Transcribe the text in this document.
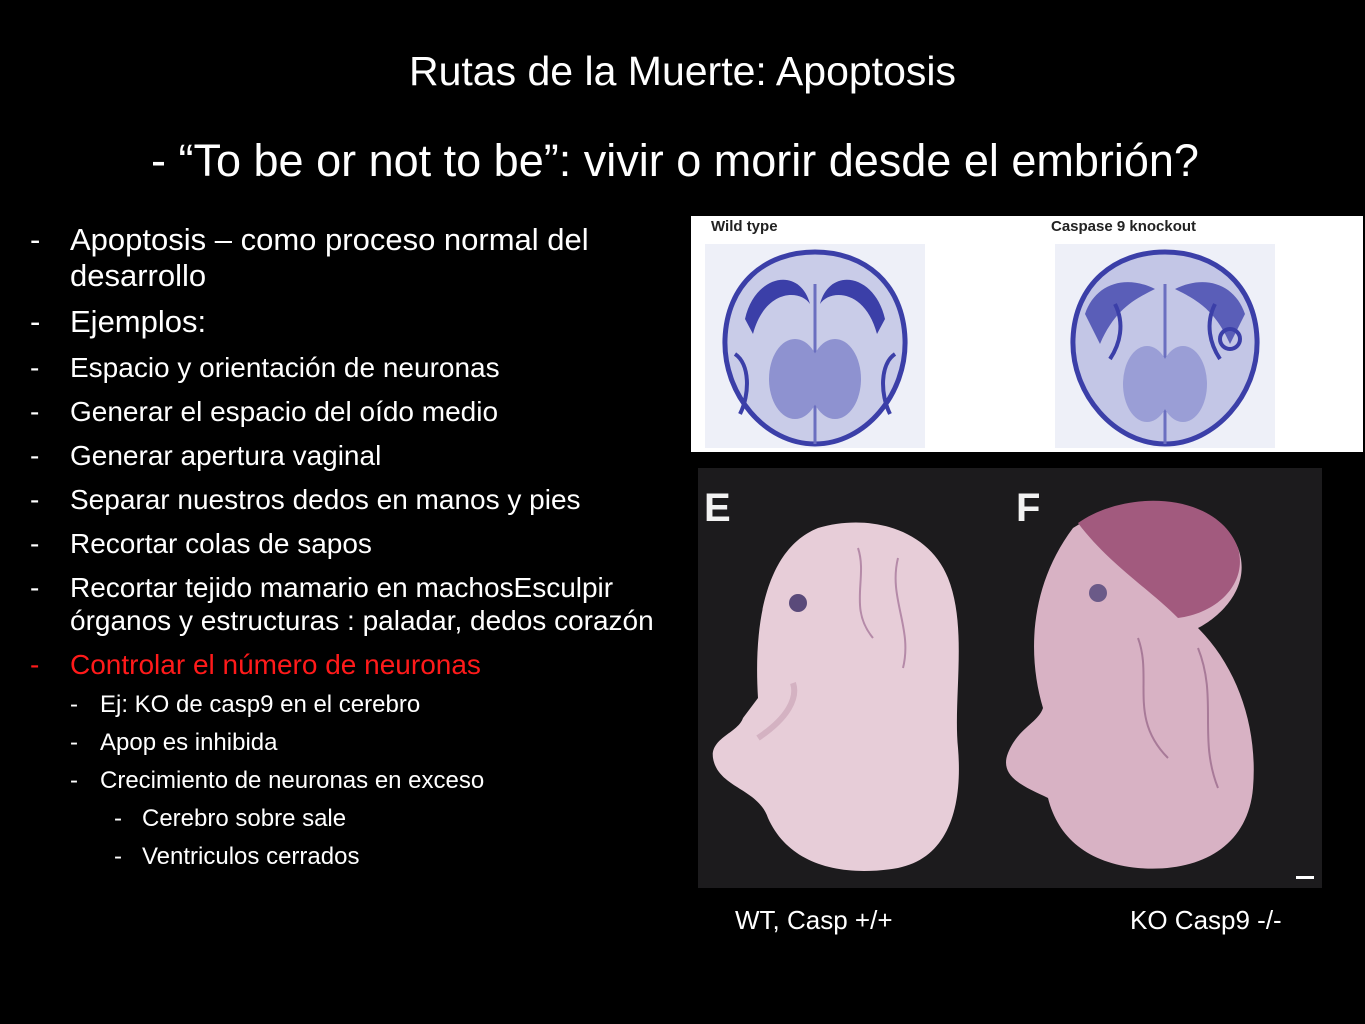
Rutas de la Muerte: Apoptosis
- Apoptosis – como proceso normal del desarrollo
- Ejemplos:
- Espacio y orientación de neuronas
- Generar el espacio del oído medio
- Generar apertura vaginal
- Separar nuestros dedos en manos y pies
- Recortar colas de sapos
- Recortar tejido mamario en machosEsculpir órganos y estructuras : paladar, dedos corazón
- Controlar el número de neuronas
- Ej: KO de casp9 en el cerebro
- Apop es inhibida
- Crecimiento de neuronas en exceso
- Cerebro sobre sale
- Ventriculos cerrados
- “To be or not to be”: vivir o morir desde el embrión?
Wild type	Caspase 9 knockout
E	F
WT, Casp +/+	KO Casp9 -/-
